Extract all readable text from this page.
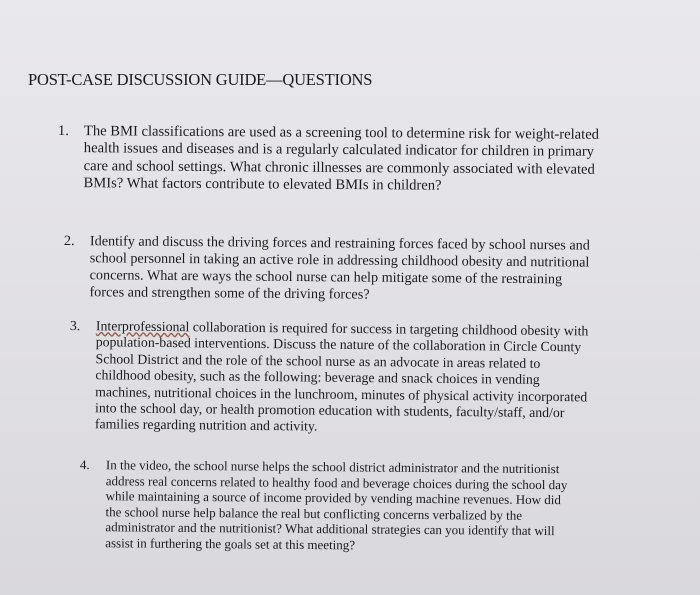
POST-CASE DISCUSSION GUIDE—QUESTIONS
1. The BMI classifications are used as a screening tool to determine risk for weight-related
health issues and diseases and is a regularly calculated indicator for children in primary
care and school settings. What chronic illnesses are commonly associated with elevated
BMIs? What factors contribute to elevated BMIs in children?
2. Identify and discuss the driving forces and restraining forces faced by school nurses and
school personnel in taking an active role in addressing childhood obesity and nutritional
concerns. What are ways the school nurse can help mitigate some of the restraining
forces and strengthen some of the driving forces?
3. Interprofessional collaboration is required for success in targeting childhood obesity with
population-based interventions. Discuss the nature of the collaboration in Circle County
School District and the role of the school nurse as an advocate in areas related to
childhood obesity, such as the following: beverage and snack choices in vending
machines, nutritional choices in the lunchroom, minutes of physical activity incorporated
into the school day, or health promotion education with students, faculty/staff, and/or
families regarding nutrition and activity.
4. In the video, the school nurse helps the school district administrator and the nutritionist
address real concerns related to healthy food and beverage choices during the school day
while maintaining a source of income provided by vending machine revenues. How did
the school nurse help balance the real but conflicting concerns verbalized by the
administrator and the nutritionist? What additional strategies can you identify that will
assist in furthering the goals set at this meeting?
